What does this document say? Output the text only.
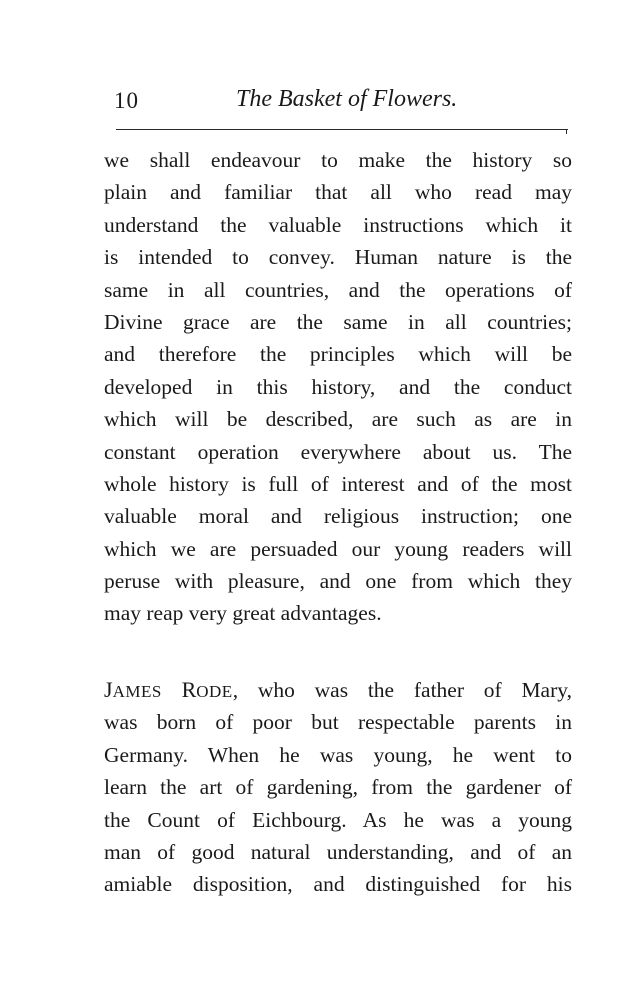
10	The Basket of Flowers.
we shall endeavour to make the history so
plain and familiar that all who read may
understand the valuable instructions which it
is intended to convey. Human nature is the
same in all countries, and the operations of
Divine grace are the same in all countries;
and therefore the principles which will be
developed in this history, and the conduct
which will be described, are such as are in
constant operation everywhere about us. The
whole history is full of interest and of the most
valuable moral and religious instruction; one
which we are persuaded our young readers will
peruse with pleasure, and one from which they
may reap very great advantages.
JAMES RODE, who was the father of Mary,
was born of poor but respectable parents in
Germany. When he was young, he went to
learn the art of gardening, from the gardener of
the Count of Eichbourg. As he was a young
man of good natural understanding, and of an
amiable disposition, and distinguished for his
